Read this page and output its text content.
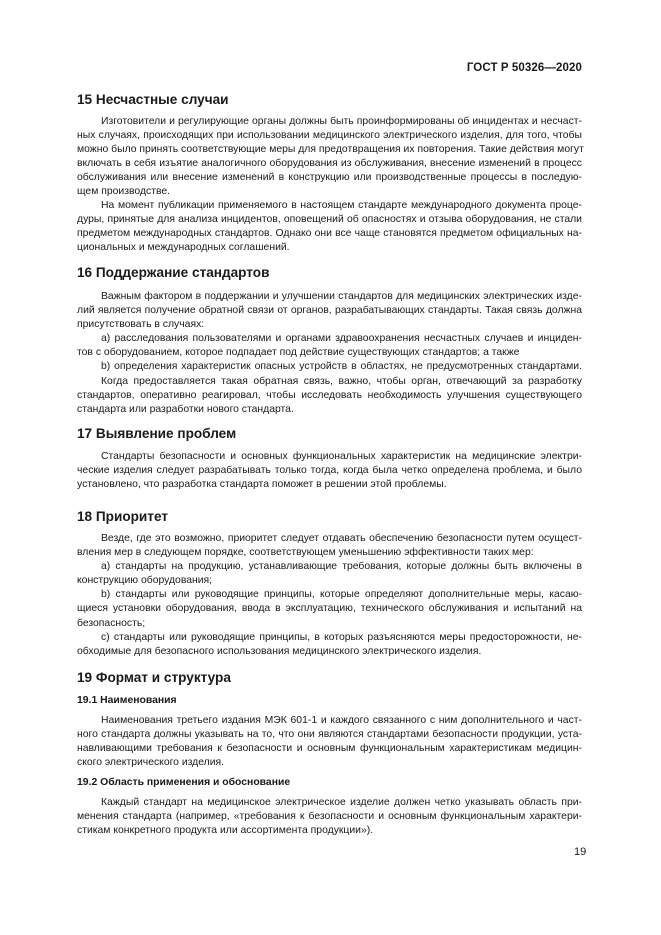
ГОСТ Р 50326—2020
15 Несчастные случаи

Изготовители и регулирующие органы должны быть проинформированы об инцидентах и несчаст-
ных случаях, происходящих при использовании медицинского электрического изделия, для того, чтобы
можно было принять соответствующие меры для предотвращения их повторения. Такие действия могут
включать в себя изъятие аналогичного оборудования из обслуживания, внесение изменений в процесс
обслуживания или внесение изменений в конструкцию или производственные процессы в последую-
щем производстве.

На момент публикации применяемого в настоящем стандарте международного документа проце-
дуры, принятые для анализа инцидентов, оповещений об опасностях и отзыва оборудования, не стали
предметом международных стандартов. Однако они все чаще становятся предметом официальных на-
циональных и международных соглашений.

16 Поддержание стандартов

Важным фактором в поддержании и улучшении стандартов для медицинских электрических изде-
лий является получение обратной связи от органов, разрабатывающих стандарты. Такая связь должна
присутствовать в случаях:
a) расследования пользователями и органами здравоохранения несчастных случаев и инциден-
тов с оборудованием, которое подпадает под действие существующих стандартов; а также
b) определения характеристик опасных устройств в областях, не предусмотренных стандартами.
Когда предоставляется такая обратная связь, важно, чтобы орган, отвечающий за разработку
стандартов, оперативно реагировал, чтобы исследовать необходимость улучшения существующего
стандарта или разработки нового стандарта.

17 Выявление проблем

Стандарты безопасности и основных функциональных характеристик на медицинские электри-
ческие изделия следует разрабатывать только тогда, когда была четко определена проблема, и было
установлено, что разработка стандарта поможет в решении этой проблемы.

18 Приоритет

Везде, где это возможно, приоритет следует отдавать обеспечению безопасности путем осущест-
вления мер в следующем порядке, соответствующем уменьшению эффективности таких мер:
a) стандарты на продукцию, устанавливающие требования, которые должны быть включены в
конструкцию оборудования;
b) стандарты или руководящие принципы, которые определяют дополнительные меры, касаю-
щиеся установки оборудования, ввода в эксплуатацию, технического обслуживания и испытаний на
безопасность;
c) стандарты или руководящие принципы, в которых разъясняются меры предосторожности, не-
обходимые для безопасного использования медицинского электрического изделия.

19 Формат и структура
19.1 Наименования

Наименования третьего издания МЭК 601-1 и каждого связанного с ним дополнительного и част-
ного стандарта должны указывать на то, что они являются стандартами безопасности продукции, уста-
навливающими требования к безопасности и основным функциональным характеристикам медицин-
ского электрического изделия.

19.2 Область применения и обоснование

Каждый стандарт на медицинское электрическое изделие должен четко указывать область при-
менения стандарта (например, «требования к безопасности и основным функциональным характери-
стикам конкретного продукта или ассортимента продукции»).

19
